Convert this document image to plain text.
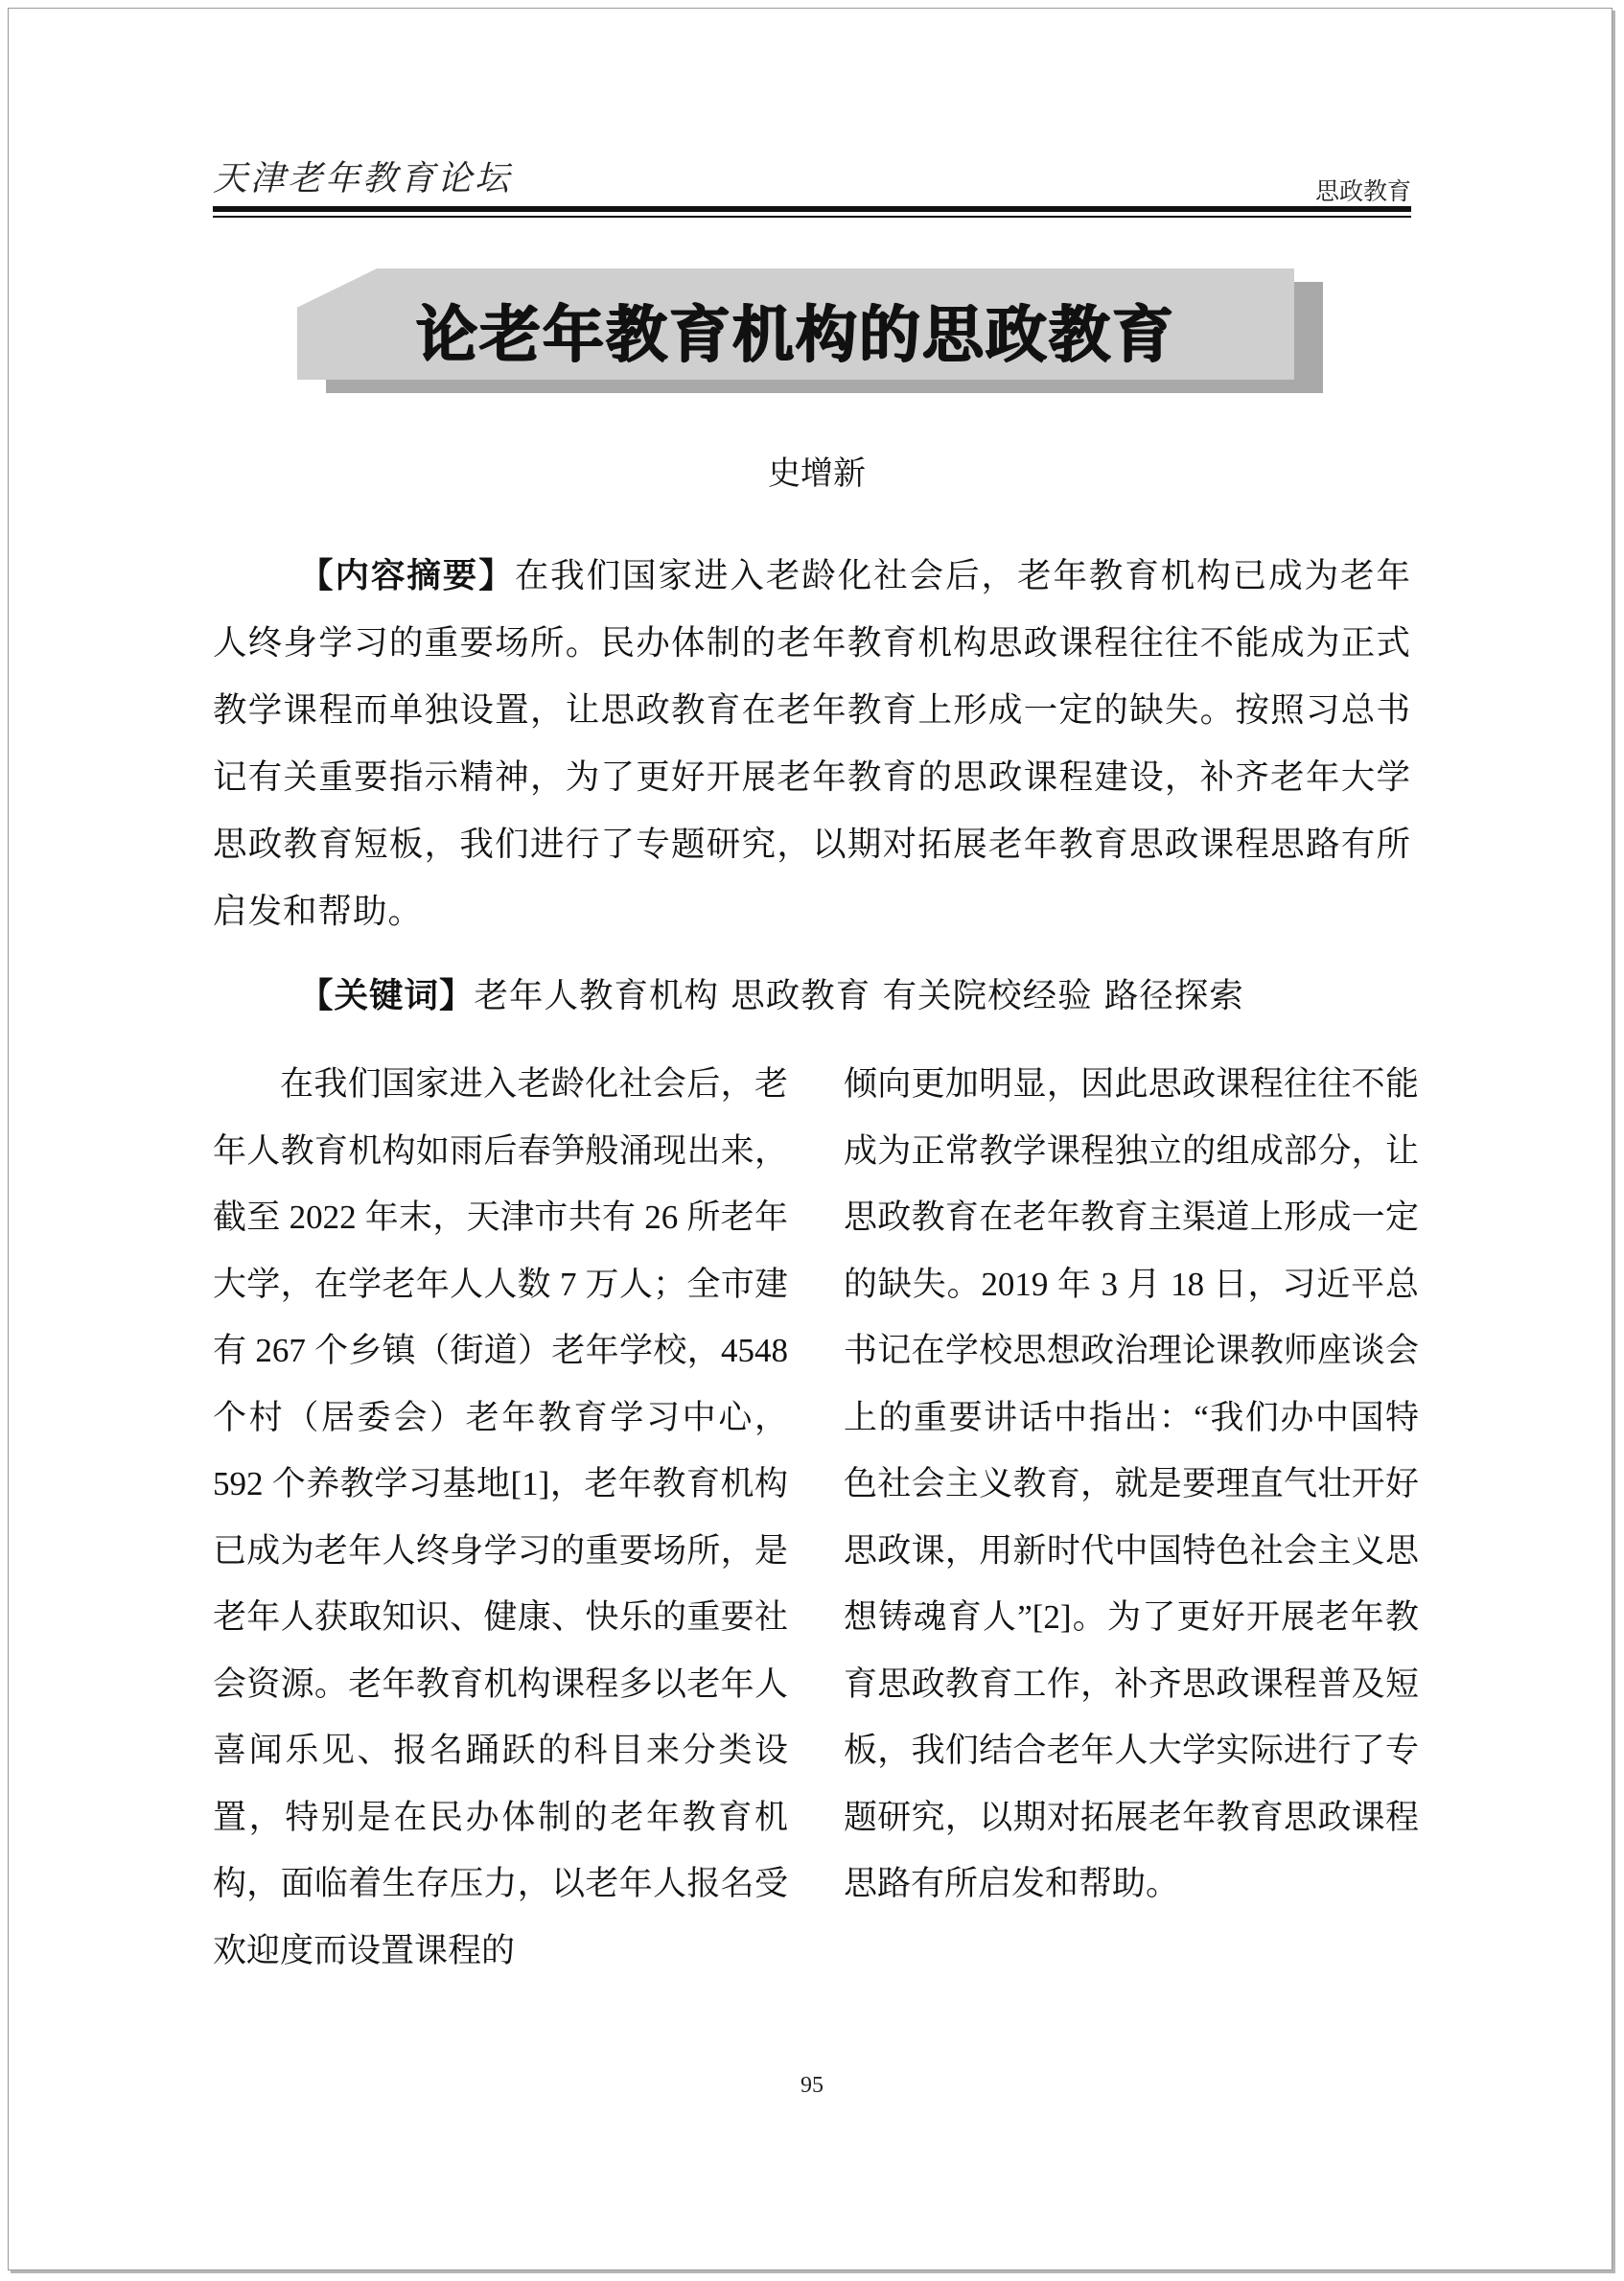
天津老年教育论坛	思政教育
论老年教育机构的思政教育
史增新
【内容摘要】在我们国家进入老龄化社会后，老年教育机构已成为老年人终身学习的重要场所。民办体制的老年教育机构思政课程往往不能成为正式教学课程而单独设置，让思政教育在老年教育上形成一定的缺失。按照习总书记有关重要指示精神，为了更好开展老年教育的思政课程建设，补齐老年大学思政教育短板，我们进行了专题研究，以期对拓展老年教育思政课程思路有所启发和帮助。
【关键词】老年人教育机构 思政教育 有关院校经验 路径探索
在我们国家进入老龄化社会后，老年人教育机构如雨后春笋般涌现出来，截至 2022 年末，天津市共有 26 所老年大学，在学老年人人数 7 万人；全市建有 267 个乡镇（街道）老年学校，4548 个村（居委会）老年教育学习中心，592 个养教学习基地[1]，老年教育机构已成为老年人终身学习的重要场所，是老年人获取知识、健康、快乐的重要社会资源。老年教育机构课程多以老年人喜闻乐见、报名踊跃的科目来分类设置，特别是在民办体制的老年教育机构，面临着生存压力，以老年人报名受欢迎度而设置课程的
倾向更加明显，因此思政课程往往不能成为正常教学课程独立的组成部分，让思政教育在老年教育主渠道上形成一定的缺失。2019 年 3 月 18 日，习近平总书记在学校思想政治理论课教师座谈会上的重要讲话中指出：“我们办中国特色社会主义教育，就是要理直气壮开好思政课，用新时代中国特色社会主义思想铸魂育人”[2]。为了更好开展老年教育思政教育工作，补齐思政课程普及短板，我们结合老年人大学实际进行了专题研究，以期对拓展老年教育思政课程思路有所启发和帮助。
95
